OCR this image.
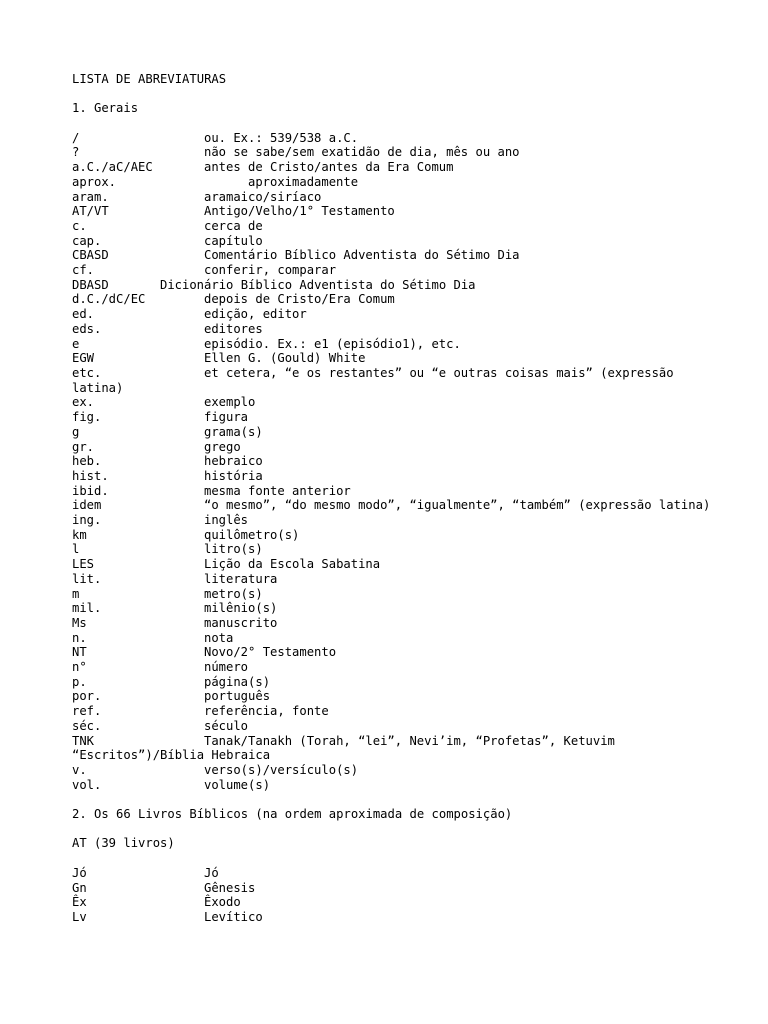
LISTA DE ABREVIATURAS
1. Gerais
/	ou. Ex.: 539/538 a.C.
?	não se sabe/sem exatidão de dia, mês ou ano
a.C./aC/AEC	antes de Cristo/antes da Era Comum
aprox.	aproximadamente
aram.	aramaico/siríaco
AT/VT	Antigo/Velho/1° Testamento
c.	cerca de
cap.	capítulo
CBASD	Comentário Bíblico Adventista do Sétimo Dia
cf.	conferir, comparar
DBASD	Dicionário Bíblico Adventista do Sétimo Dia
d.C./dC/EC	depois de Cristo/Era Comum
ed.	edição, editor
eds.	editores
e	episódio. Ex.: e1 (episódio1), etc.
EGW	Ellen G. (Gould) White
etc.	et cetera, “e os restantes” ou “e outras coisas mais” (expressão latina)
ex.	exemplo
fig.	figura
g	grama(s)
gr.	grego
heb.	hebraico
hist.	história
ibid.	mesma fonte anterior
idem	“o mesmo”, “do mesmo modo”, “igualmente”, “também” (expressão latina)
ing.	inglês
km	quilômetro(s)
l	litro(s)
LES	Lição da Escola Sabatina
lit.	literatura
m	metro(s)
mil.	milênio(s)
Ms	manuscrito
n.	nota
NT	Novo/2° Testamento
n°	número
p.	página(s)
por.	português
ref.	referência, fonte
séc.	século
TNK	Tanak/Tanakh (Torah, “lei”, Nevi’im, “Profetas”, Ketuvim “Escritos”)/Bíblia Hebraica
v.	verso(s)/versículo(s)
vol.	volume(s)
2. Os 66 Livros Bíblicos (na ordem aproximada de composição)
AT (39 livros)
Jó	Jó
Gn	Gênesis
Êx	Êxodo
Lv	Levítico
